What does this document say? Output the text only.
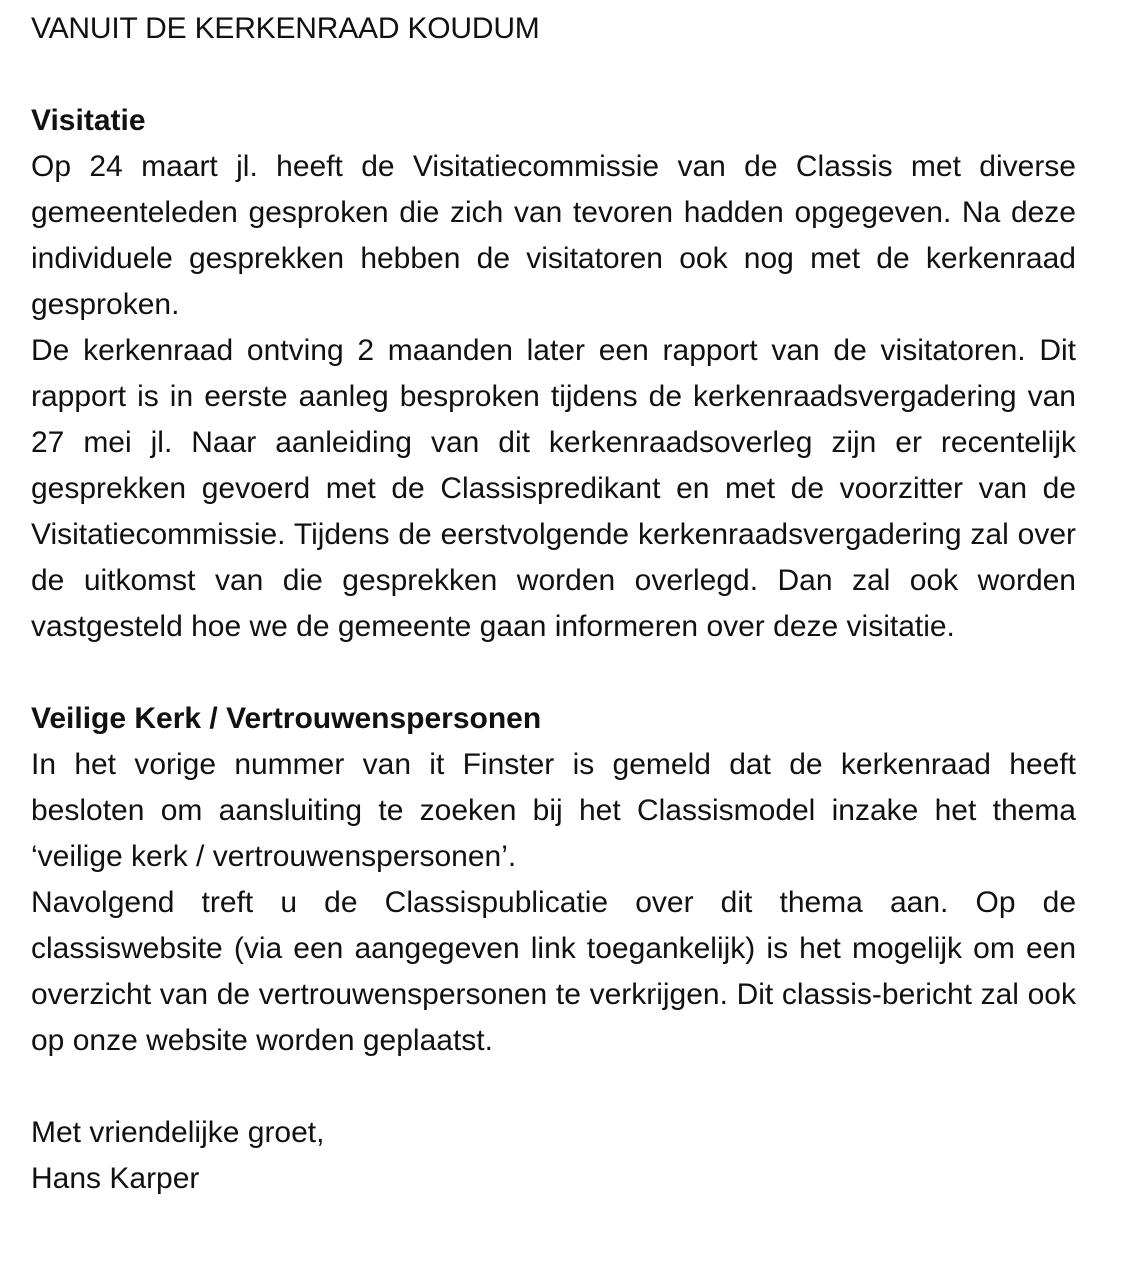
VANUIT DE KERKENRAAD KOUDUM

Visitatie

Op 24 maart jl. heeft de Visitatiecommissie van de Classis met diverse gemeenteleden gesproken die zich van tevoren hadden opgegeven. Na deze individuele gesprekken hebben de visitatoren ook nog met de kerkenraad gesproken.

De kerkenraad ontving 2 maanden later een rapport van de visitatoren. Dit rapport is in eerste aanleg besproken tijdens de kerkenraadsvergadering van 27 mei jl. Naar aanleiding van dit kerkenraadsoverleg zijn er recentelijk gesprekken gevoerd met de Classispredikant en met de voorzitter van de Visitatiecommissie. Tijdens de eerstvolgende kerkenraadsvergadering zal over de uitkomst van die gesprekken worden overlegd. Dan zal ook worden vastgesteld hoe we de gemeente gaan informeren over deze visitatie.

Veilige Kerk / Vertrouwenspersonen

In het vorige nummer van it Finster is gemeld dat de kerkenraad heeft besloten om aansluiting te zoeken bij het Classismodel inzake het thema ‘veilige kerk / vertrouwenspersonen’.

Navolgend treft u de Classispublicatie over dit thema aan. Op de classiswebsite (via een aangegeven link toegankelijk) is het mogelijk om een overzicht van de vertrouwenspersonen te verkrijgen. Dit classis-bericht zal ook op onze website worden geplaatst.

Met vriendelijke groet,

Hans Karper
